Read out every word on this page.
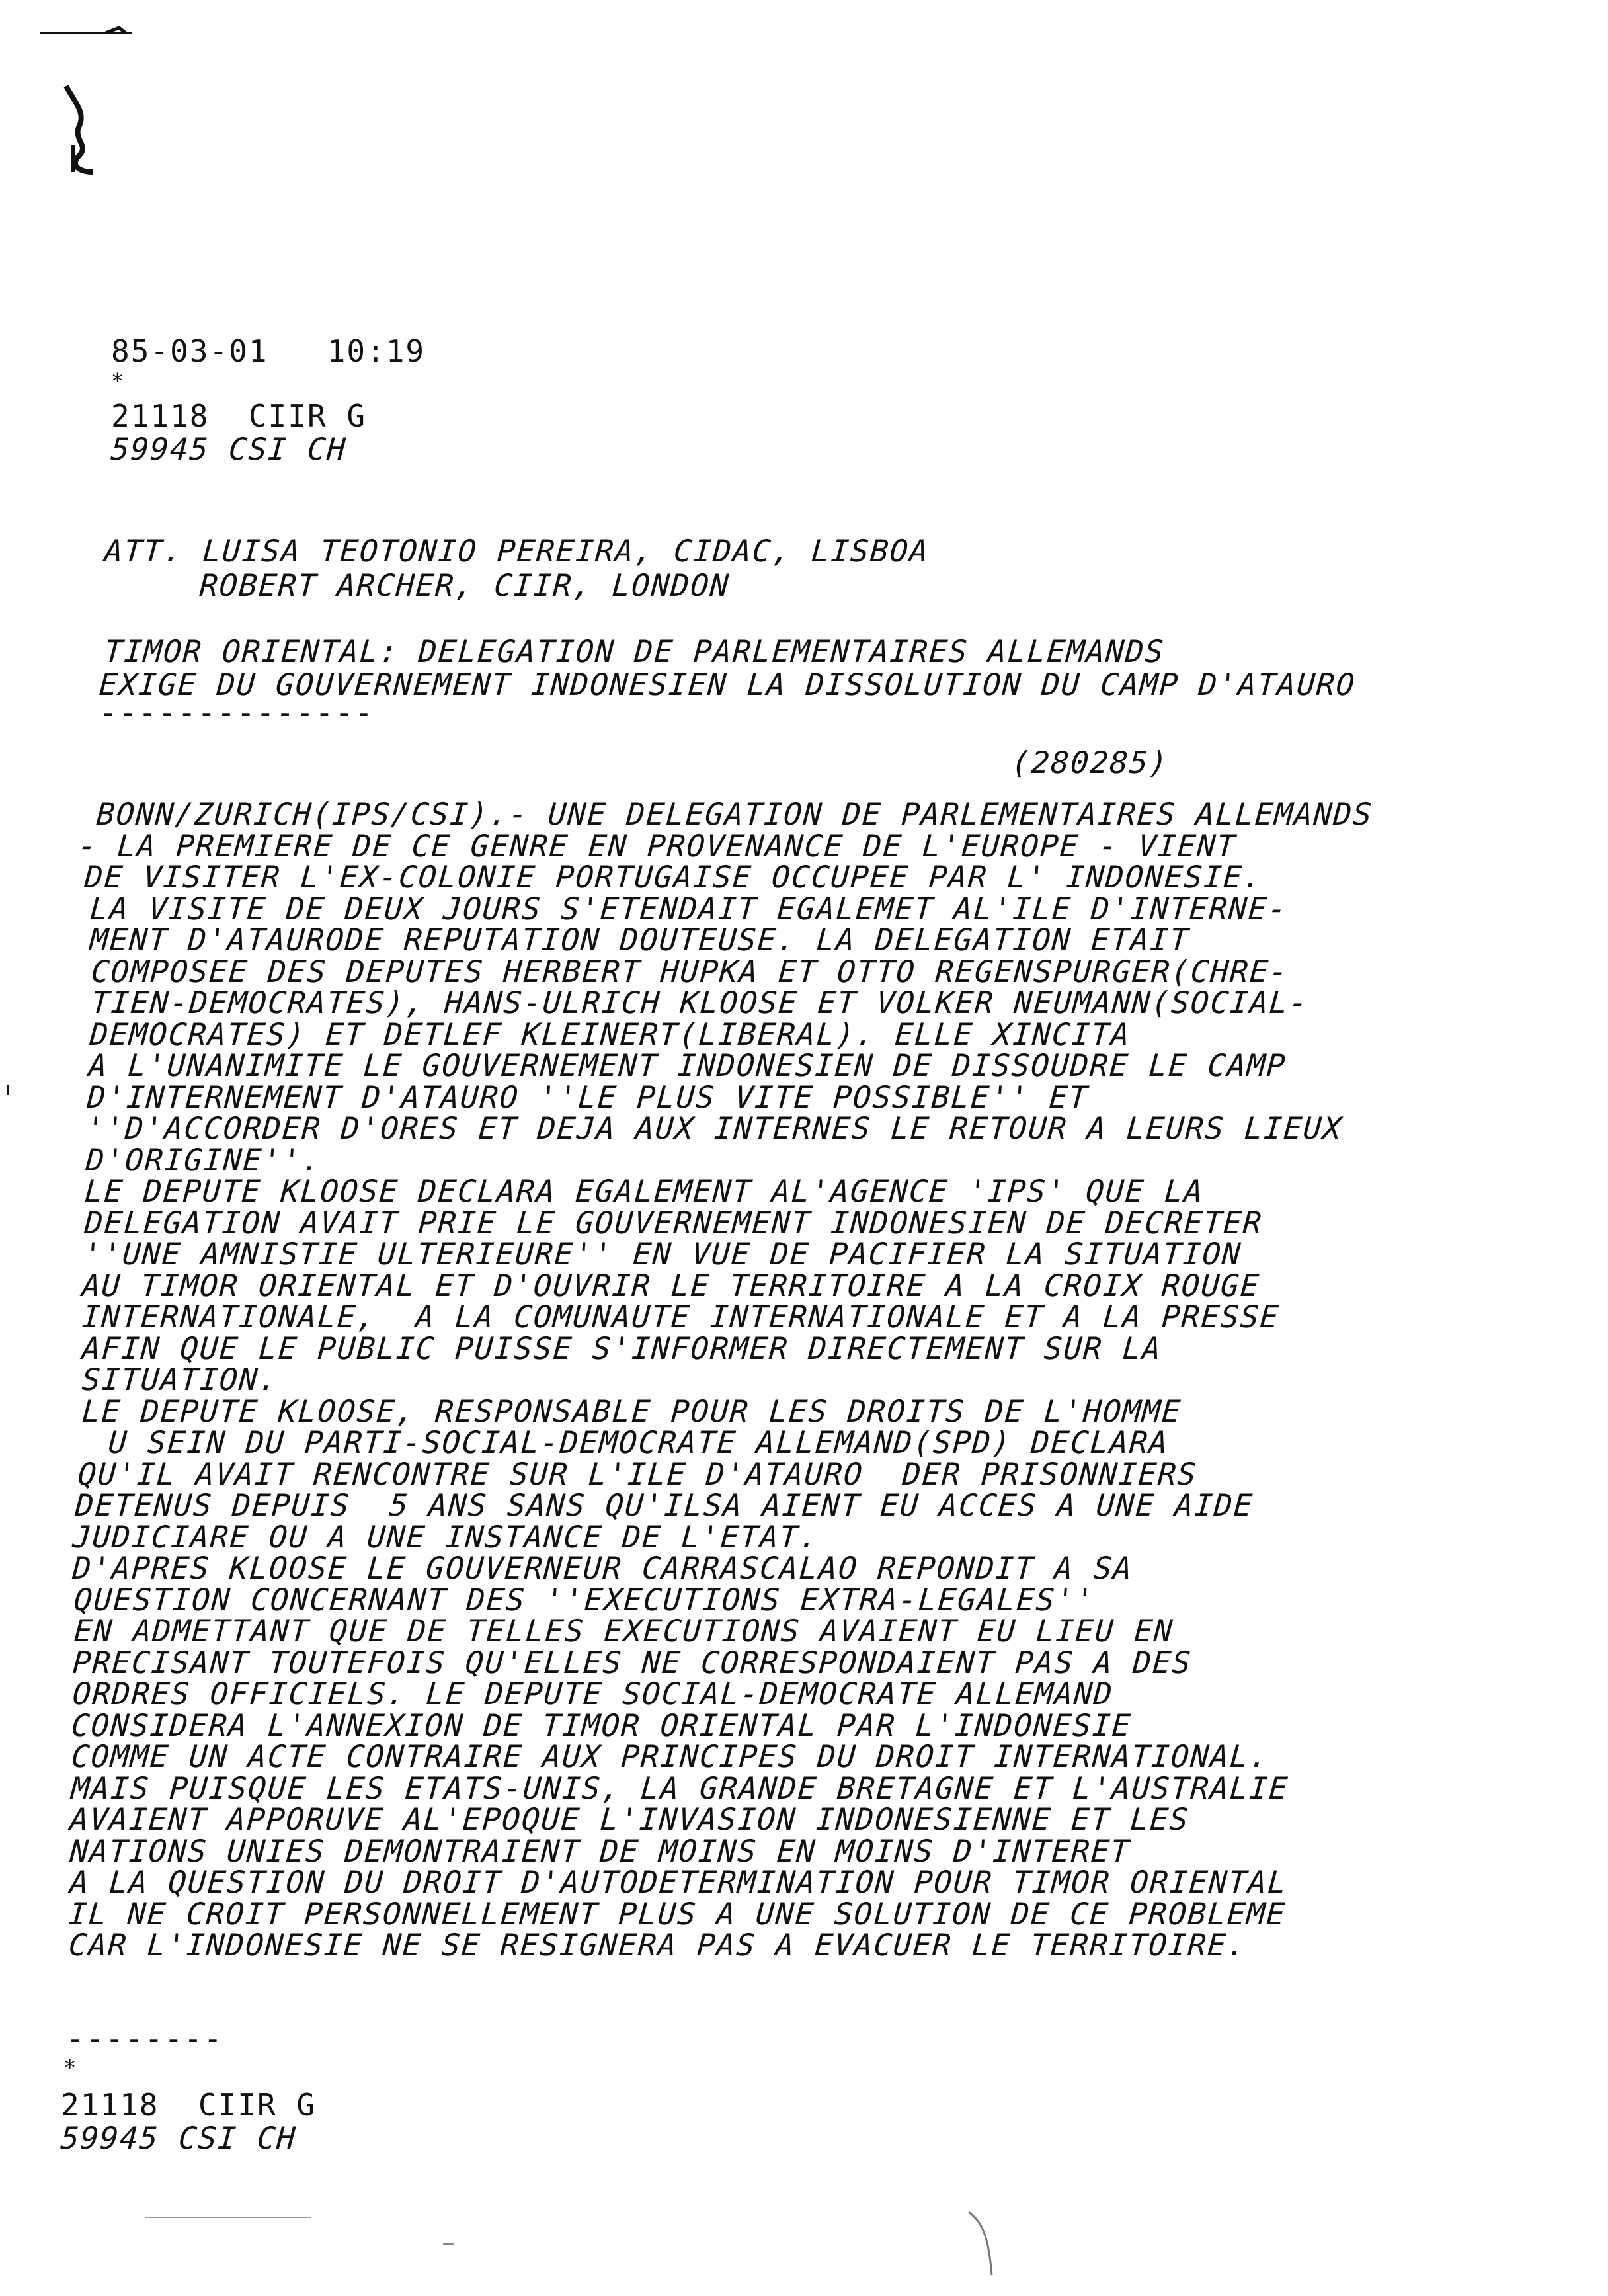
85-03-01   10:19
*
21118  CIIR G
59945 CSI CH
ATT. LUISA TEOTONIO PEREIRA, CIDAC, LISBOA
ROBERT ARCHER, CIIR, LONDON
TIMOR ORIENTAL: DELEGATION DE PARLEMENTAIRES ALLEMANDS
EXIGE DU GOUVERNEMENT INDONESIEN LA DISSOLUTION DU CAMP D'ATAURO
--------------
(280285)
BONN/ZURICH(IPS/CSI).- UNE DELEGATION DE PARLEMENTAIRES ALLEMANDS
- LA PREMIERE DE CE GENRE EN PROVENANCE DE L'EUROPE - VIENT
DE VISITER L'EX-COLONIE PORTUGAISE OCCUPEE PAR L' INDONESIE.
LA VISITE DE DEUX JOURS S'ETENDAIT EGALEMET AL'ILE D'INTERNE-
MENT D'ATAURODE REPUTATION DOUTEUSE. LA DELEGATION ETAIT
COMPOSEE DES DEPUTES HERBERT HUPKA ET OTTO REGENSPURGER(CHRE-
TIEN-DEMOCRATES), HANS-ULRICH KLOOSE ET VOLKER NEUMANN(SOCIAL-
DEMOCRATES) ET DETLEF KLEINERT(LIBERAL). ELLE XINCITA
A L'UNANIMITE LE GOUVERNEMENT INDONESIEN DE DISSOUDRE LE CAMP
D'INTERNEMENT D'ATAURO ''LE PLUS VITE POSSIBLE'' ET
''D'ACCORDER D'ORES ET DEJA AUX INTERNES LE RETOUR A LEURS LIEUX
D'ORIGINE''.
LE DEPUTE KLOOSE DECLARA EGALEMENT AL'AGENCE 'IPS' QUE LA
DELEGATION AVAIT PRIE LE GOUVERNEMENT INDONESIEN DE DECRETER
''UNE AMNISTIE ULTERIEURE'' EN VUE DE PACIFIER LA SITUATION
AU TIMOR ORIENTAL ET D'OUVRIR LE TERRITOIRE A LA CROIX ROUGE
INTERNATIONALE,  A LA COMUNAUTE INTERNATIONALE ET A LA PRESSE
AFIN QUE LE PUBLIC PUISSE S'INFORMER DIRECTEMENT SUR LA
SITUATION.
LE DEPUTE KLOOSE, RESPONSABLE POUR LES DROITS DE L'HOMME
U SEIN DU PARTI-SOCIAL-DEMOCRATE ALLEMAND(SPD) DECLARA
QU'IL AVAIT RENCONTRE SUR L'ILE D'ATAURO  DER PRISONNIERS
DETENUS DEPUIS  5 ANS SANS QU'ILSA AIENT EU ACCES A UNE AIDE
JUDICIARE OU A UNE INSTANCE DE L'ETAT.
D'APRES KLOOSE LE GOUVERNEUR CARRASCALAO REPONDIT A SA
QUESTION CONCERNANT DES ''EXECUTIONS EXTRA-LEGALES''
EN ADMETTANT QUE DE TELLES EXECUTIONS AVAIENT EU LIEU EN
PRECISANT TOUTEFOIS QU'ELLES NE CORRESPONDAIENT PAS A DES
ORDRES OFFICIELS. LE DEPUTE SOCIAL-DEMOCRATE ALLEMAND
CONSIDERA L'ANNEXION DE TIMOR ORIENTAL PAR L'INDONESIE
COMME UN ACTE CONTRAIRE AUX PRINCIPES DU DROIT INTERNATIONAL.
MAIS PUISQUE LES ETATS-UNIS, LA GRANDE BRETAGNE ET L'AUSTRALIE
AVAIENT APPORUVE AL'EPOQUE L'INVASION INDONESIENNE ET LES
NATIONS UNIES DEMONTRAIENT DE MOINS EN MOINS D'INTERET
A LA QUESTION DU DROIT D'AUTODETERMINATION POUR TIMOR ORIENTAL
IL NE CROIT PERSONNELLEMENT PLUS A UNE SOLUTION DE CE PROBLEME
CAR L'INDONESIE NE SE RESIGNERA PAS A EVACUER LE TERRITOIRE.
--------
*
21118  CIIR G
59945 CSI CH
